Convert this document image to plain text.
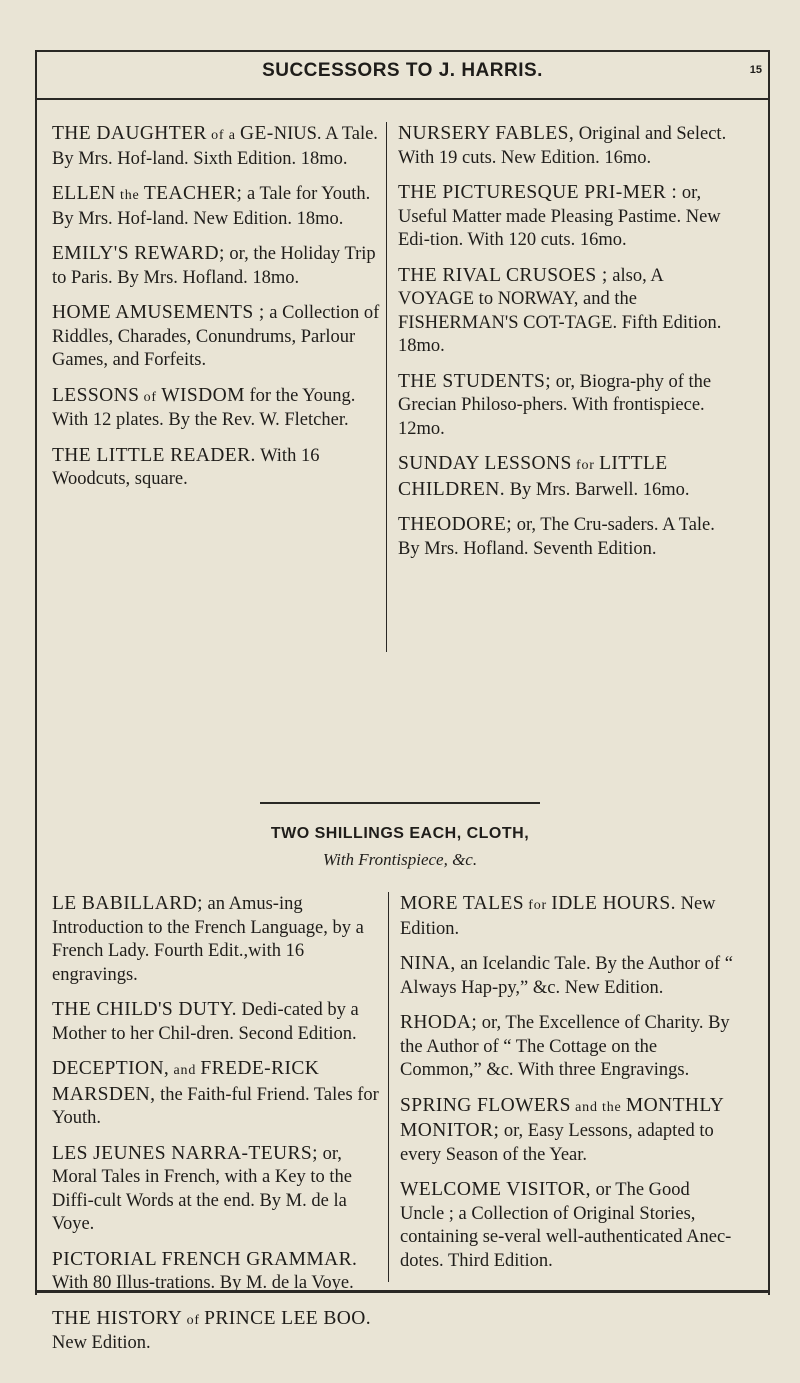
SUCCESSORS TO J. HARRIS.	15

THE DAUGHTER of a GE-NIUS. A Tale. By Mrs. Hof-land. Sixth Edition. 18mo.

ELLEN the TEACHER; a Tale for Youth. By Mrs. Hof-land. New Edition. 18mo.

EMILY'S REWARD; or, the Holiday Trip to Paris. By Mrs. Hofland. 18mo.

HOME AMUSEMENTS ; a Collection of Riddles, Charades, Conundrums, Parlour Games, and Forfeits.

LESSONS of WISDOM for the Young. With 12 plates. By the Rev. W. Fletcher.

THE LITTLE READER. With 16 Woodcuts, square.

NURSERY FABLES, Original and Select. With 19 cuts. New Edition. 16mo.

THE PICTURESQUE PRI-MER : or, Useful Matter made Pleasing Pastime. New Edi-tion. With 120 cuts. 16mo.

THE RIVAL CRUSOES ; also, A VOYAGE to NORWAY, and the FISHERMAN'S COT-TAGE. Fifth Edition. 18mo.

THE STUDENTS; or, Biogra-phy of the Grecian Philoso-phers. With frontispiece. 12mo.

SUNDAY LESSONS for LITTLE CHILDREN. By Mrs. Barwell. 16mo.

THEODORE; or, The Cru-saders. A Tale. By Mrs. Hofland. Seventh Edition.

TWO SHILLINGS EACH, CLOTH,
With Frontispiece, &c.

LE BABILLARD; an Amus-ing Introduction to the French Language, by a French Lady. Fourth Edit.,with 16 engravings.

THE CHILD'S DUTY. Dedi-cated by a Mother to her Chil-dren. Second Edition.

DECEPTION, and FREDE-RICK MARSDEN, the Faith-ful Friend. Tales for Youth.

LES JEUNES NARRA-TEURS; or, Moral Tales in French, with a Key to the Diffi-cult Words at the end. By M. de la Voye.

PICTORIAL FRENCH GRAMMAR. With 80 Illus-trations. By M. de la Voye.

THE HISTORY of PRINCE LEE BOO. New Edition.

MORE TALES for IDLE HOURS. New Edition.

NINA, an Icelandic Tale. By the Author of “ Always Hap-py,” &c. New Edition.

RHODA; or, The Excellence of Charity. By the Author of “ The Cottage on the Common,” &c. With three Engravings.

SPRING FLOWERS and the MONTHLY MONITOR; or, Easy Lessons, adapted to every Season of the Year.

WELCOME VISITOR, or The Good Uncle ; a Collection of Original Stories, containing se-veral well-authenticated Anec-dotes. Third Edition.
